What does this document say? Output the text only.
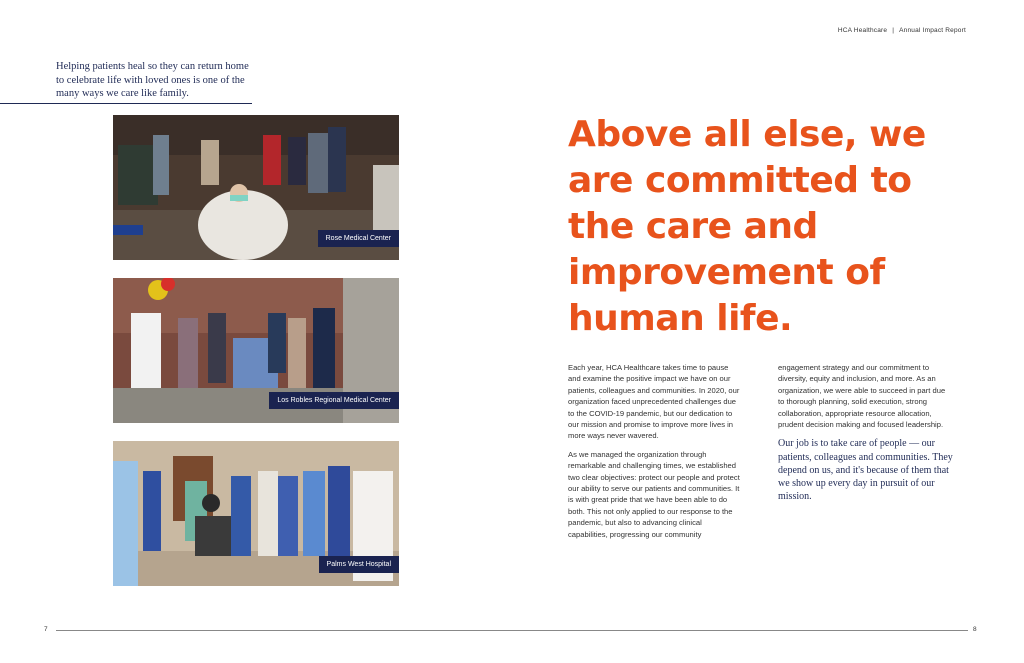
HCA Healthcare | Annual Impact Report
Helping patients heal so they can return home to celebrate life with loved ones is one of the many ways we care like family.
Rose Medical Center
Los Robles Regional Medical Center
Palms West Hospital
Above all else, we are committed to the care and improvement of human life.

Each year, HCA Healthcare takes time to pause and examine the positive impact we have on our patients, colleagues and communities. In 2020, our organization faced unprecedented challenges due to the COVID-19 pandemic, but our dedication to our mission and promise to improve more lives in more ways never wavered.

As we managed the organization through remarkable and challenging times, we established two clear objectives: protect our people and protect our ability to serve our patients and communities. It is with great pride that we have been able to do both. This not only applied to our response to the pandemic, but also to advancing clinical capabilities, progressing our community

engagement strategy and our commitment to diversity, equity and inclusion, and more. As an organization, we were able to succeed in part due to thorough planning, solid execution, strong collaboration, appropriate resource allocation, prudent decision making and focused leadership.

Our job is to take care of people — our patients, colleagues and communities. They depend on us, and it's because of them that we show up every day in pursuit of our mission.
7	8
